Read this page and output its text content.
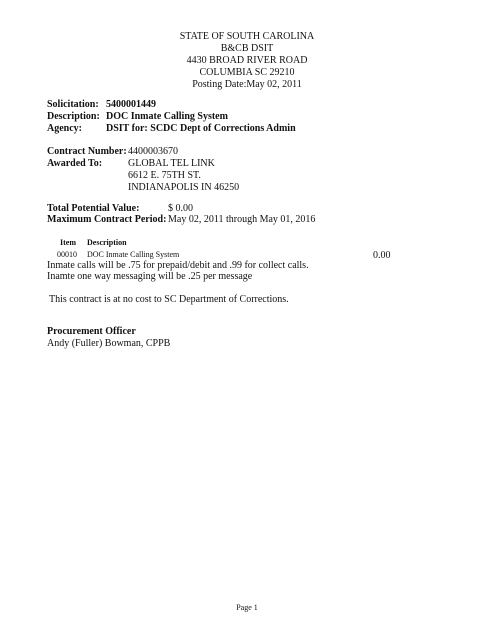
STATE OF SOUTH CAROLINA
B&CB DSIT
4430 BROAD RIVER ROAD
COLUMBIA SC 29210
Posting Date:May 02, 2011
Solicitation: 5400001449
Description: DOC Inmate Calling System
Agency: DSIT for: SCDC Dept of Corrections Admin
Contract Number: 4400003670
Awarded To:	GLOBAL TEL LINK
6612 E. 75TH ST.
INDIANAPOLIS IN 46250
Total Potential Value:	$ 0.00
Maximum Contract Period: May 02, 2011 through May 01, 2016
Item Description
00010 DOC Inmate Calling System	0.00
Inmate calls will be .75 for prepaid/debit and .99 for collect calls.
Inamte one way messaging will be .25 per message
This contract is at no cost to SC Department of Corrections.
Procurement Officer
Andy (Fuller) Bowman, CPPB
Page 1
